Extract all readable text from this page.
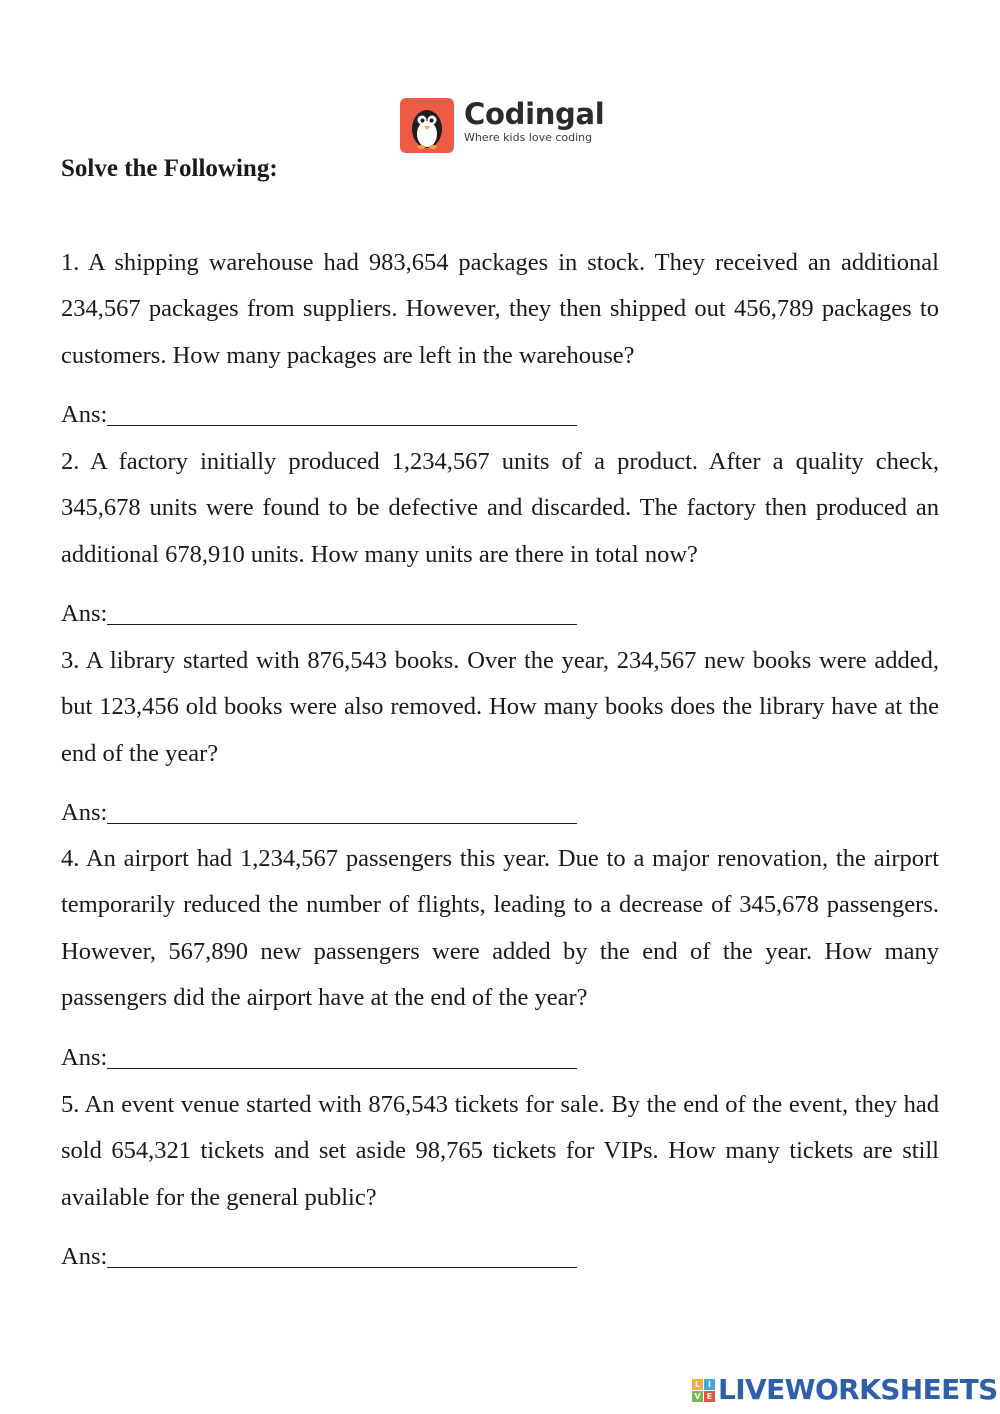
Codingal
Where kids love coding
Solve the Following:

1. A shipping warehouse had 983,654 packages in stock. They received an additional 234,567 packages from suppliers. However, they then shipped out 456,789 packages to customers. How many packages are left in the warehouse?

Ans:

2. A factory initially produced 1,234,567 units of a product. After a quality check, 345,678 units were found to be defective and discarded. The factory then produced an additional 678,910 units. How many units are there in total now?

Ans:

3. A library started with 876,543 books. Over the year, 234,567 new books were added, but 123,456 old books were also removed. How many books does the library have at the end of the year?

Ans:

4. An airport had 1,234,567 passengers this year. Due to a major renovation, the airport temporarily reduced the number of flights, leading to a decrease of 345,678 passengers. However, 567,890 new passengers were added by the end of the year. How many passengers did the airport have at the end of the year?

Ans:

5. An event venue started with 876,543 tickets for sale. By the end of the event, they had sold 654,321 tickets and set aside 98,765 tickets for VIPs. How many tickets are still available for the general public?

Ans:
L I
V E LIVEWORKSHEETS
